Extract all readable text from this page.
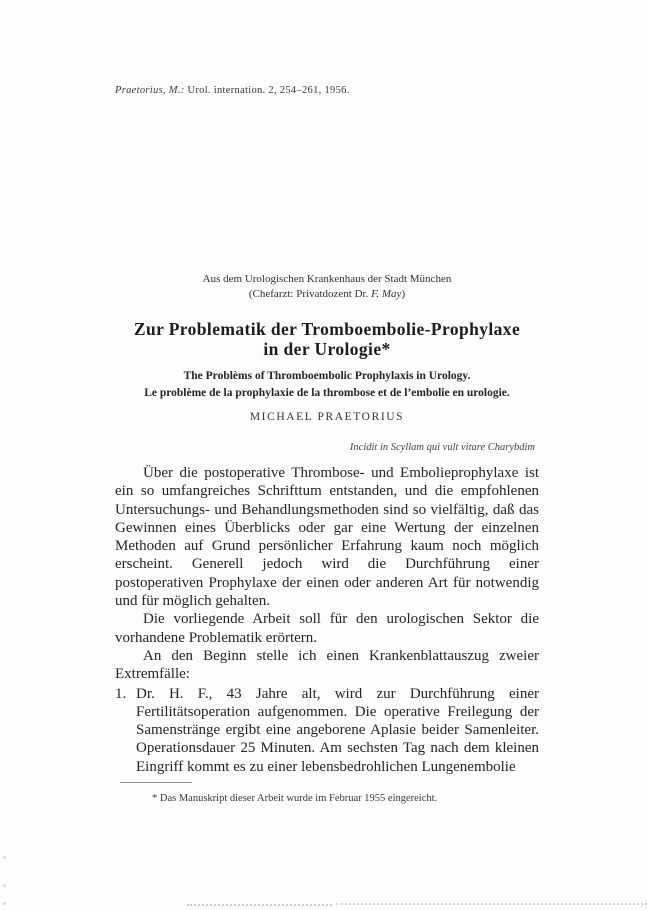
Praetorius, M.: Urol. internation. 2, 254–261, 1956.
Aus dem Urologischen Krankenhaus der Stadt München
(Chefarzt: Privatdozent Dr. F. May)
Zur Problematik der Tromboembolie-Prophylaxe
in der Urologie*
The Problèms of Thromboembolic Prophylaxis in Urology.
Le problème de la prophylaxie de la thrombose et de l’embolie en urologie.
MICHAEL PRAETORIUS
Incidit in Scyllam qui vult vitare Charybdim

Über die postoperative Thrombose- und Embolieprophylaxe ist ein so umfangreiches Schrifttum entstanden, und die empfohlenen Untersuchungs- und Behandlungsmethoden sind so vielfältig, daß das Gewinnen eines Überblicks oder gar eine Wertung der einzelnen Methoden auf Grund persönlicher Erfahrung kaum noch möglich erscheint. Generell jedoch wird die Durchführung einer postoperativen Prophylaxe der einen oder anderen Art für notwendig und für möglich gehalten.

Die vorliegende Arbeit soll für den urologischen Sektor die vorhandene Problematik erörtern.

An den Beginn stelle ich einen Krankenblattauszug zweier Extremfälle:

1. Dr. H. F., 43 Jahre alt, wird zur Durchführung einer Fertilitätsoperation aufgenommen. Die operative Freilegung der Samenstränge ergibt eine angeborene Aplasie beider Samenleiter. Operationsdauer 25 Minuten. Am sechsten Tag nach dem kleinen Eingriff kommt es zu einer lebensbedrohlichen Lungenembolie
* Das Manuskript dieser Arbeit wurde im Februar 1955 eingereicht.
